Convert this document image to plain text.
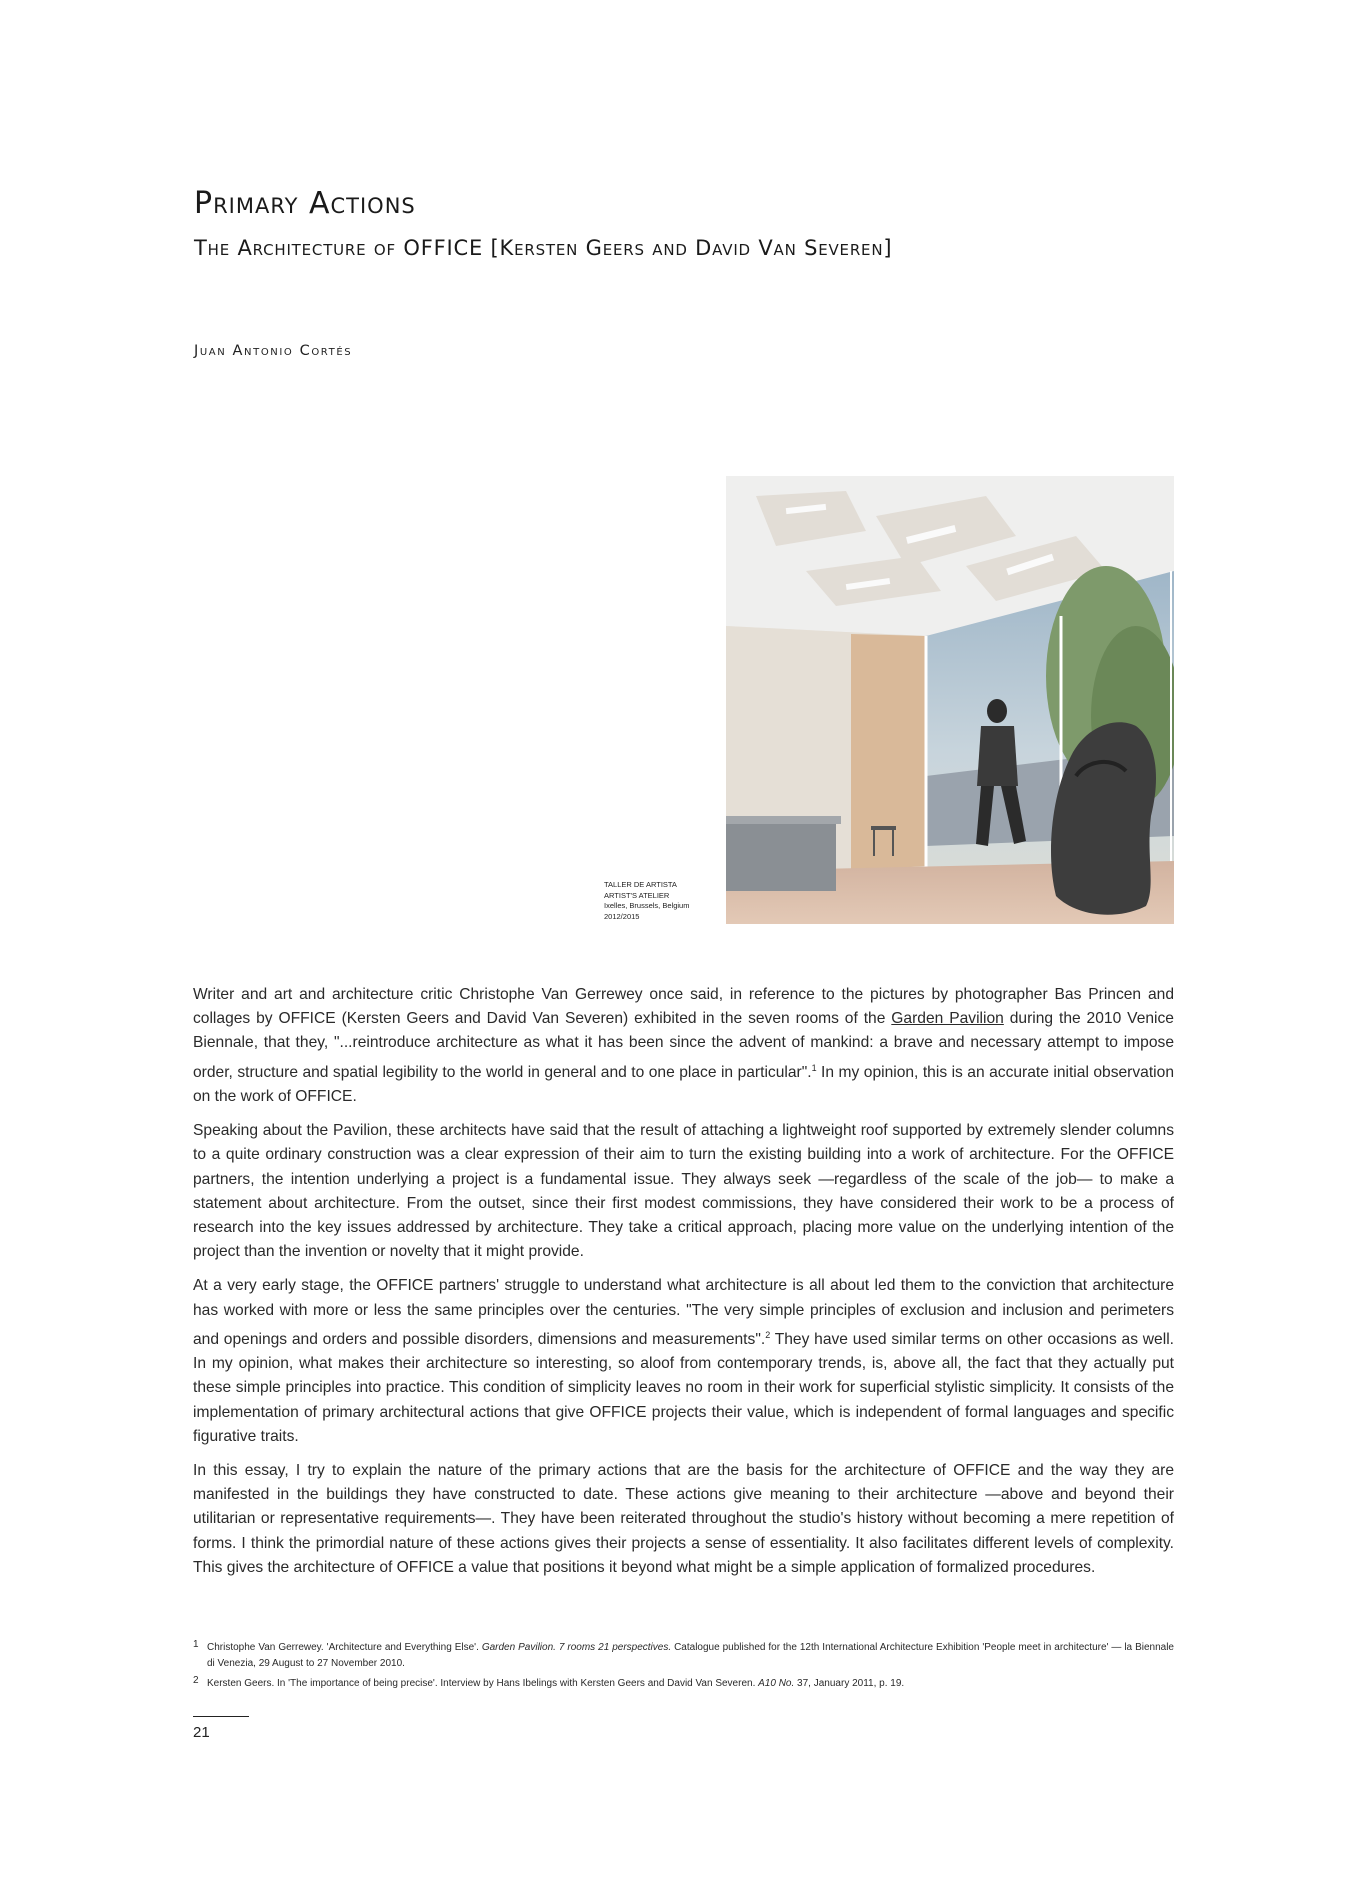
Primary Actions
The Architecture of OFFICE [Kersten Geers and David Van Severen]
Juan Antonio Cortés
TALLER DE ARTISTA
ARTIST'S ATELIER
Ixelles, Brussels, Belgium
2012/2015

Writer and art and architecture critic Christophe Van Gerrewey once said, in reference to the pictures by photographer Bas Princen and collages by OFFICE (Kersten Geers and David Van Severen) exhibited in the seven rooms of the Garden Pavilion during the 2010 Venice Biennale, that they, "...reintroduce architecture as what it has been since the advent of mankind: a brave and necessary attempt to impose order, structure and spatial legibility to the world in general and to one place in particular".$^1$ In my opinion, this is an accurate initial observation on the work of OFFICE.

Speaking about the Pavilion, these architects have said that the result of attaching a lightweight roof supported by extremely slender columns to a quite ordinary construction was a clear expression of their aim to turn the existing building into a work of architecture. For the OFFICE partners, the intention underlying a project is a fundamental issue. They always seek —regardless of the scale of the job— to make a statement about architecture. From the outset, since their first modest commissions, they have considered their work to be a process of research into the key issues addressed by architecture. They take a critical approach, placing more value on the underlying intention of the project than the invention or novelty that it might provide.

At a very early stage, the OFFICE partners' struggle to understand what architecture is all about led them to the conviction that architecture has worked with more or less the same principles over the centuries. "The very simple principles of exclusion and inclusion and perimeters and openings and orders and possible disorders, dimensions and measurements".$^2$ They have used similar terms on other occasions as well. In my opinion, what makes their architecture so interesting, so aloof from contemporary trends, is, above all, the fact that they actually put these simple principles into practice. This condition of simplicity leaves no room in their work for superficial stylistic simplicity. It consists of the implementation of primary architectural actions that give OFFICE projects their value, which is independent of formal languages and specific figurative traits.

In this essay, I try to explain the nature of the primary actions that are the basis for the architecture of OFFICE and the way they are manifested in the buildings they have constructed to date. These actions give meaning to their architecture —above and beyond their utilitarian or representative requirements—. They have been reiterated throughout the studio's history without becoming a mere repetition of forms. I think the primordial nature of these actions gives their projects a sense of essentiality. It also facilitates different levels of complexity. This gives the architecture of OFFICE a value that positions it beyond what might be a simple application of formalized procedures.

1 Christophe Van Gerrewey. 'Architecture and Everything Else'. Garden Pavilion. 7 rooms 21 perspectives. Catalogue published for the 12th International Architecture Exhibition 'People meet in architecture' — la Biennale di Venezia, 29 August to 27 November 2010.
2 Kersten Geers. In 'The importance of being precise'. Interview by Hans Ibelings with Kersten Geers and David Van Severen. A10 No. 37, January 2011, p. 19.
21
